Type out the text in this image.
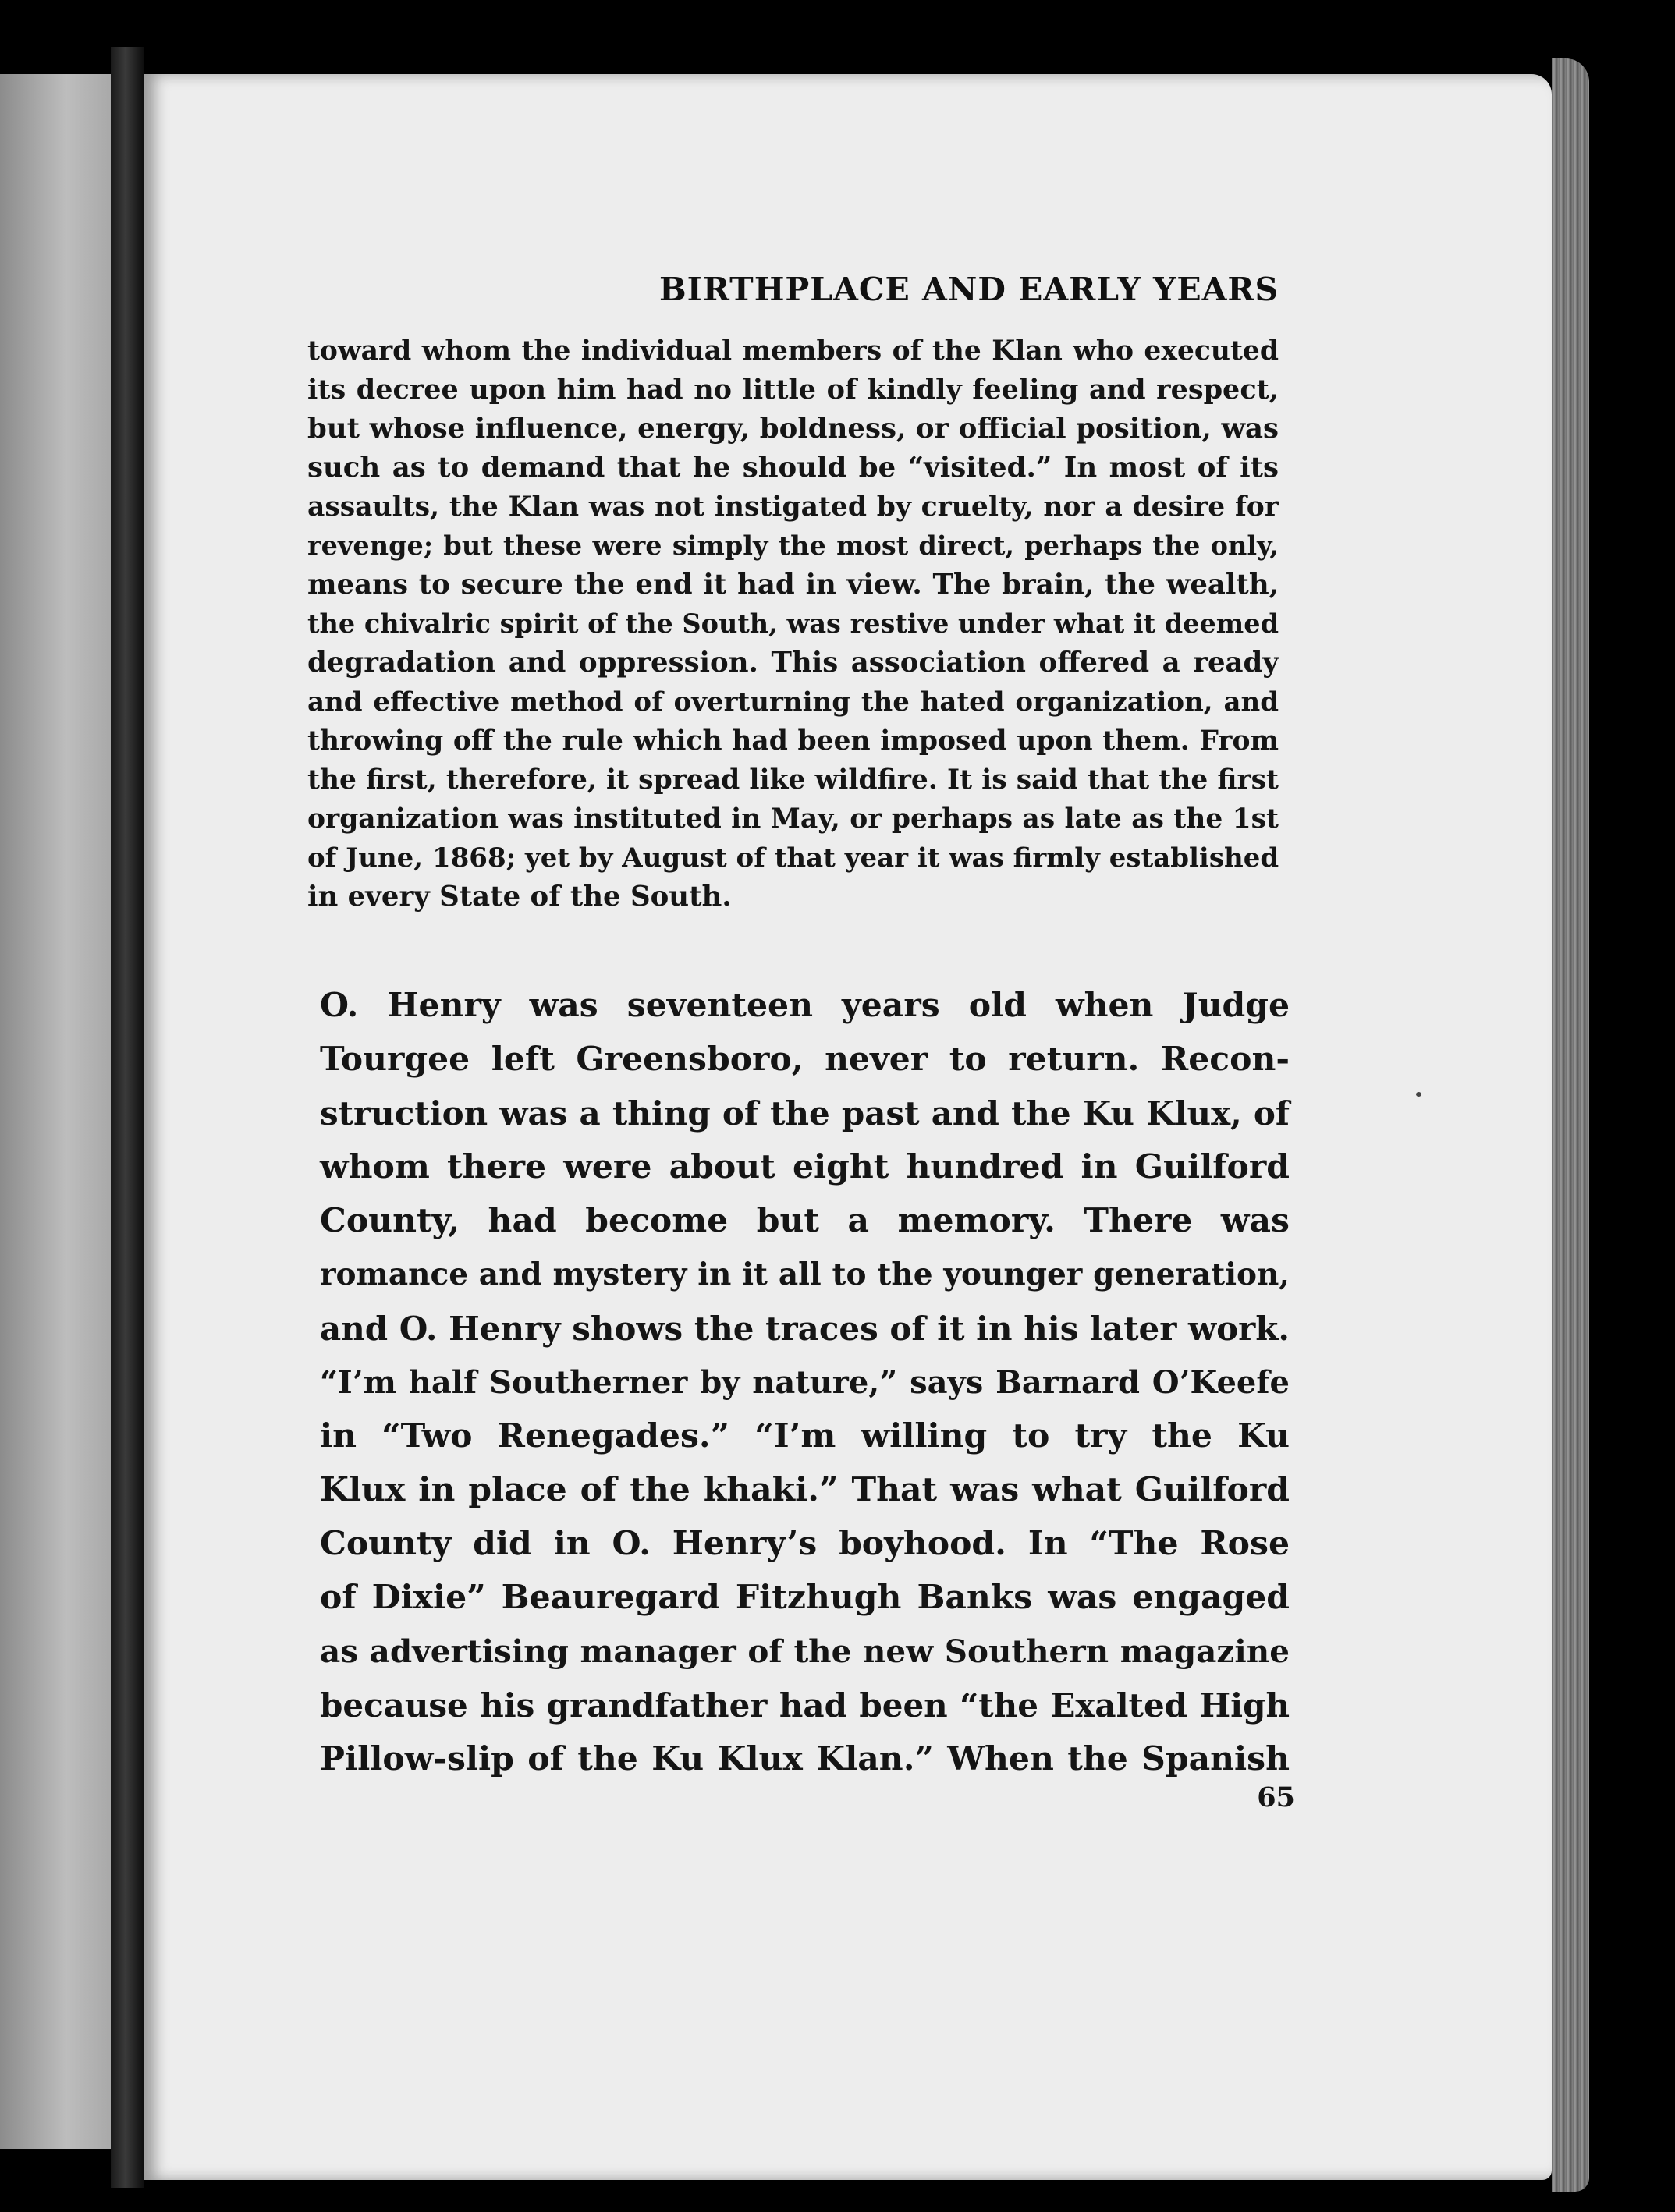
BIRTHPLACE AND EARLY YEARS
toward whom the individual members of the Klan who executed
its decree upon him had no little of kindly feeling and respect,
but whose influence, energy, boldness, or official position, was
such as to demand that he should be “visited.” In most of its
assaults, the Klan was not instigated by cruelty, nor a desire for
revenge; but these were simply the most direct, perhaps the only,
means to secure the end it had in view. The brain, the wealth,
the chivalric spirit of the South, was restive under what it deemed
degradation and oppression. This association offered a ready
and effective method of overturning the hated organization, and
throwing off the rule which had been imposed upon them. From
the first, therefore, it spread like wildfire. It is said that the first
organization was instituted in May, or perhaps as late as the 1st
of June, 1868; yet by August of that year it was firmly established
in every State of the South.
O. Henry was seventeen years old when Judge
Tourgee left Greensboro, never to return. Recon-
struction was a thing of the past and the Ku Klux, of
whom there were about eight hundred in Guilford
County, had become but a memory. There was
romance and mystery in it all to the younger generation,
and O. Henry shows the traces of it in his later work.
“I’m half Southerner by nature,” says Barnard O’Keefe
in “Two Renegades.” “I’m willing to try the Ku
Klux in place of the khaki.” That was what Guilford
County did in O. Henry’s boyhood. In “The Rose
of Dixie” Beauregard Fitzhugh Banks was engaged
as advertising manager of the new Southern magazine
because his grandfather had been “the Exalted High
Pillow-slip of the Ku Klux Klan.” When the Spanish
65
